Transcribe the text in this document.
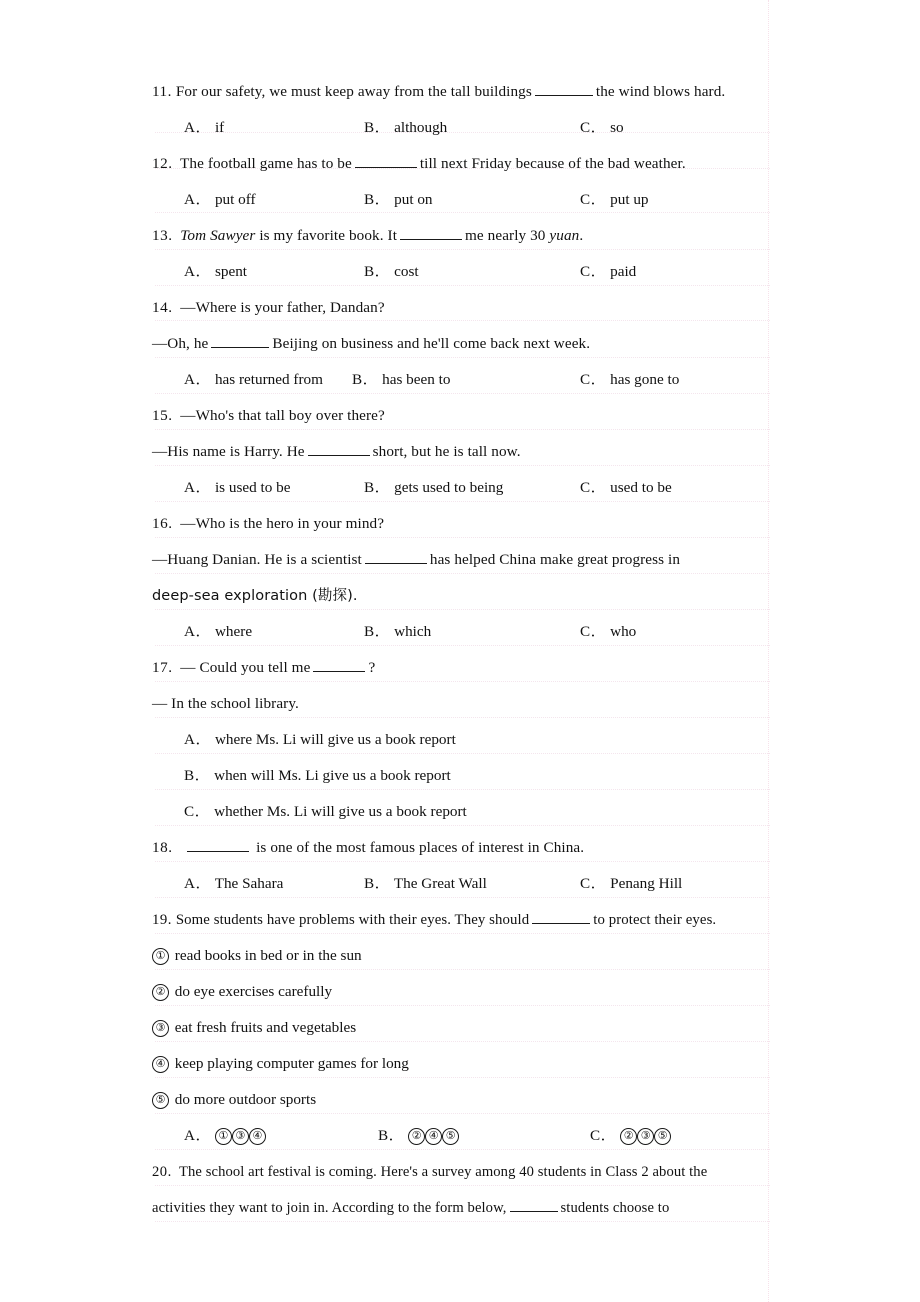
11. For our safety, we must keep away from the tall buildings	the wind blows hard.
A． if	B． although	C． so
12. The football game has to be	till next Friday because of the bad weather.
A． put off	B． put on	C． put up
13. Tom Sawyer is my favorite book. It	me nearly 30 yuan.
A． spent	B． cost	C． paid
14. —Where is your father, Dandan?
—Oh, he	Beijing on business and he'll come back next week.
A． has returned from B． has been to	C． has gone to
15. —Who's that tall boy over there?
—His name is Harry. He	short, but he is tall now.
A． is used to be	B． gets used to being	C． used to be
16. —Who is the hero in your mind?
—Huang Danian. He is a scientist	has helped China make great progress in
deep-sea exploration (勘探).
A． where	B． which	C． who
17. — Could you tell me	?
— In the school library.
A． where Ms. Li will give us a book report
B． when will Ms. Li give us a book report
C． whether Ms. Li will give us a book report
18.	is one of the most famous places of interest in China.
A． The Sahara	B． The Great Wall	C． Penang Hill
19. Some students have problems with their eyes. They should	to protect their eyes.
① read books in bed or in the sun
② do eye exercises carefully
③ eat fresh fruits and vegetables
④ keep playing computer games for long
⑤ do more outdoor sports
A． ① ③ ④	B． ② ④ ⑤	C． ② ③ ⑤
20. The school art festival is coming. Here's a survey among 40 students in Class 2 about the
activities they want to join in. According to the form below,	students choose to
